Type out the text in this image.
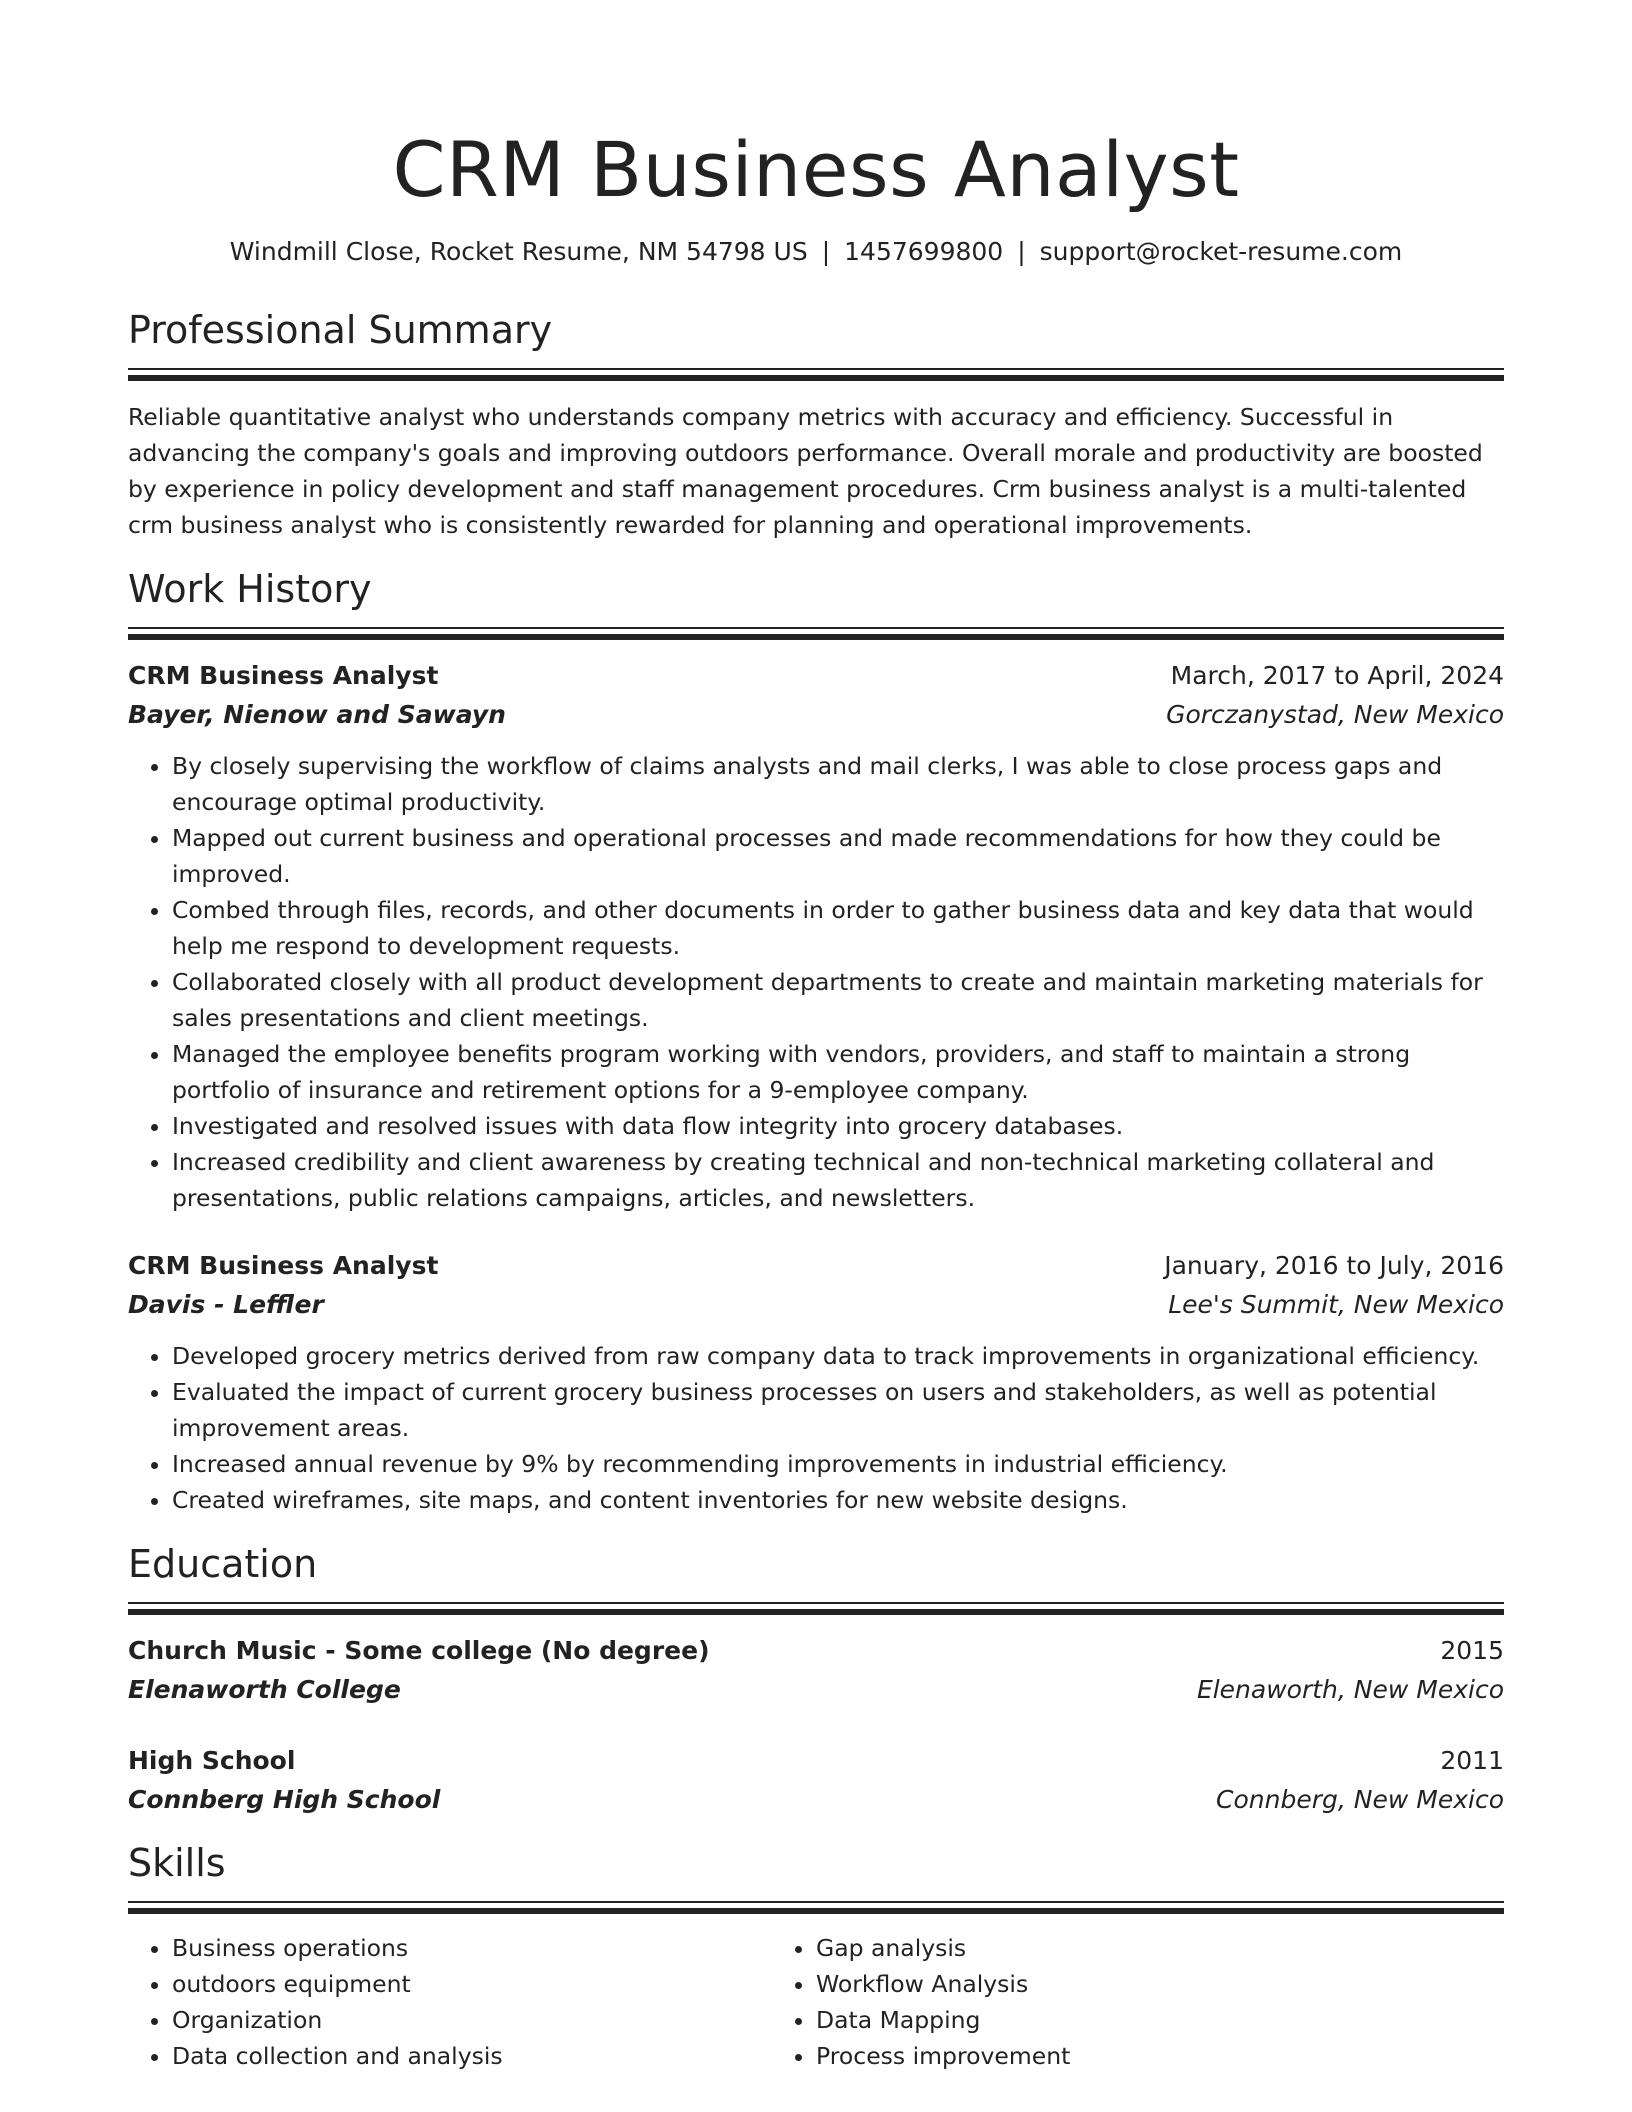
CRM Business Analyst
Windmill Close, Rocket Resume, NM 54798 US | 1457699800 | support@rocket-resume.com
Professional Summary
Reliable quantitative analyst who understands company metrics with accuracy and efficiency. Successful in advancing the company's goals and improving outdoors performance. Overall morale and productivity are boosted by experience in policy development and staff management procedures. Crm business analyst is a multi-talented crm business analyst who is consistently rewarded for planning and operational improvements.
Work History
CRM Business Analyst	March, 2017 to April, 2024
Bayer, Nienow and Sawayn	Gorczanystad, New Mexico
• By closely supervising the workflow of claims analysts and mail clerks, I was able to close process gaps and encourage optimal productivity.
• Mapped out current business and operational processes and made recommendations for how they could be improved.
• Combed through files, records, and other documents in order to gather business data and key data that would help me respond to development requests.
• Collaborated closely with all product development departments to create and maintain marketing materials for sales presentations and client meetings.
• Managed the employee benefits program working with vendors, providers, and staff to maintain a strong portfolio of insurance and retirement options for a 9-employee company.
• Investigated and resolved issues with data flow integrity into grocery databases.
• Increased credibility and client awareness by creating technical and non-technical marketing collateral and presentations, public relations campaigns, articles, and newsletters.
CRM Business Analyst	January, 2016 to July, 2016
Davis - Leffler	Lee's Summit, New Mexico
• Developed grocery metrics derived from raw company data to track improvements in organizational efficiency.
• Evaluated the impact of current grocery business processes on users and stakeholders, as well as potential improvement areas.
• Increased annual revenue by 9% by recommending improvements in industrial efficiency.
• Created wireframes, site maps, and content inventories for new website designs.
Education
Church Music - Some college (No degree)	2015
Elenaworth College	Elenaworth, New Mexico
High School	2011
Connberg High School	Connberg, New Mexico
Skills
• Business operations
• outdoors equipment
• Organization
• Data collection and analysis
• Gap analysis
• Workflow Analysis
• Data Mapping
• Process improvement
